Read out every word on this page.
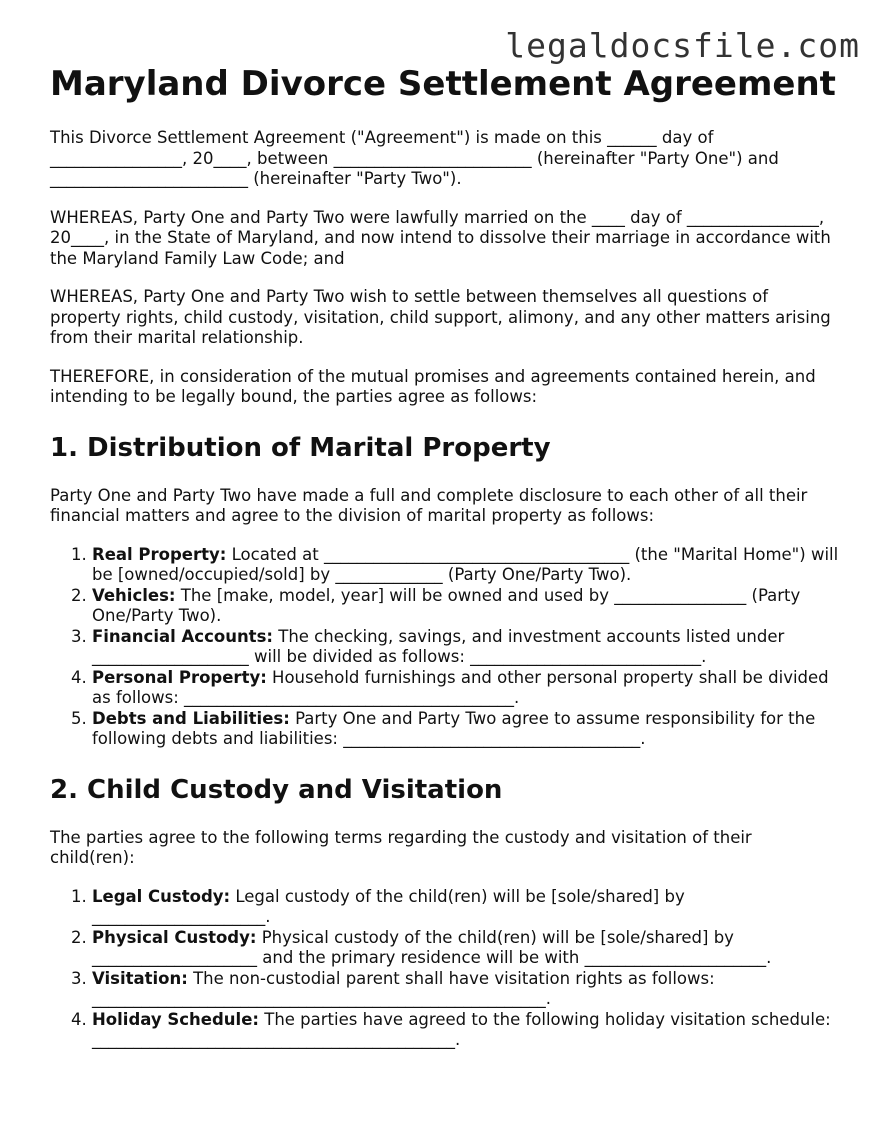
legaldocsfile.com
Maryland Divorce Settlement Agreement

This Divorce Settlement Agreement ("Agreement") is made on this ______ day of ________________, 20____, between ________________________ (hereinafter "Party One") and ________________________ (hereinafter "Party Two").

WHEREAS, Party One and Party Two were lawfully married on the ____ day of ________________, 20____, in the State of Maryland, and now intend to dissolve their marriage in accordance with the Maryland Family Law Code; and

WHEREAS, Party One and Party Two wish to settle between themselves all questions of property rights, child custody, visitation, child support, alimony, and any other matters arising from their marital relationship.

THEREFORE, in consideration of the mutual promises and agreements contained herein, and intending to be legally bound, the parties agree as follows:

1. Distribution of Marital Property

Party One and Party Two have made a full and complete disclosure to each other of all their financial matters and agree to the division of marital property as follows:

1. Real Property: Located at _____________________________________ (the "Marital Home") will be [owned/occupied/sold] by _____________ (Party One/Party Two).
2. Vehicles: The [make, model, year] will be owned and used by ________________ (Party One/Party Two).
3. Financial Accounts: The checking, savings, and investment accounts listed under ___________________ will be divided as follows: ____________________________.
4. Personal Property: Household furnishings and other personal property shall be divided as follows: ________________________________________.
5. Debts and Liabilities: Party One and Party Two agree to assume responsibility for the following debts and liabilities: ____________________________________.
2. Child Custody and Visitation

The parties agree to the following terms regarding the custody and visitation of their child(ren):

1. Legal Custody: Legal custody of the child(ren) will be [sole/shared] by _____________________.
2. Physical Custody: Physical custody of the child(ren) will be [sole/shared] by ____________________ and the primary residence will be with ______________________.
3. Visitation: The non-custodial parent shall have visitation rights as follows: _______________________________________________________.
4. Holiday Schedule: The parties have agreed to the following holiday visitation schedule: ____________________________________________.
